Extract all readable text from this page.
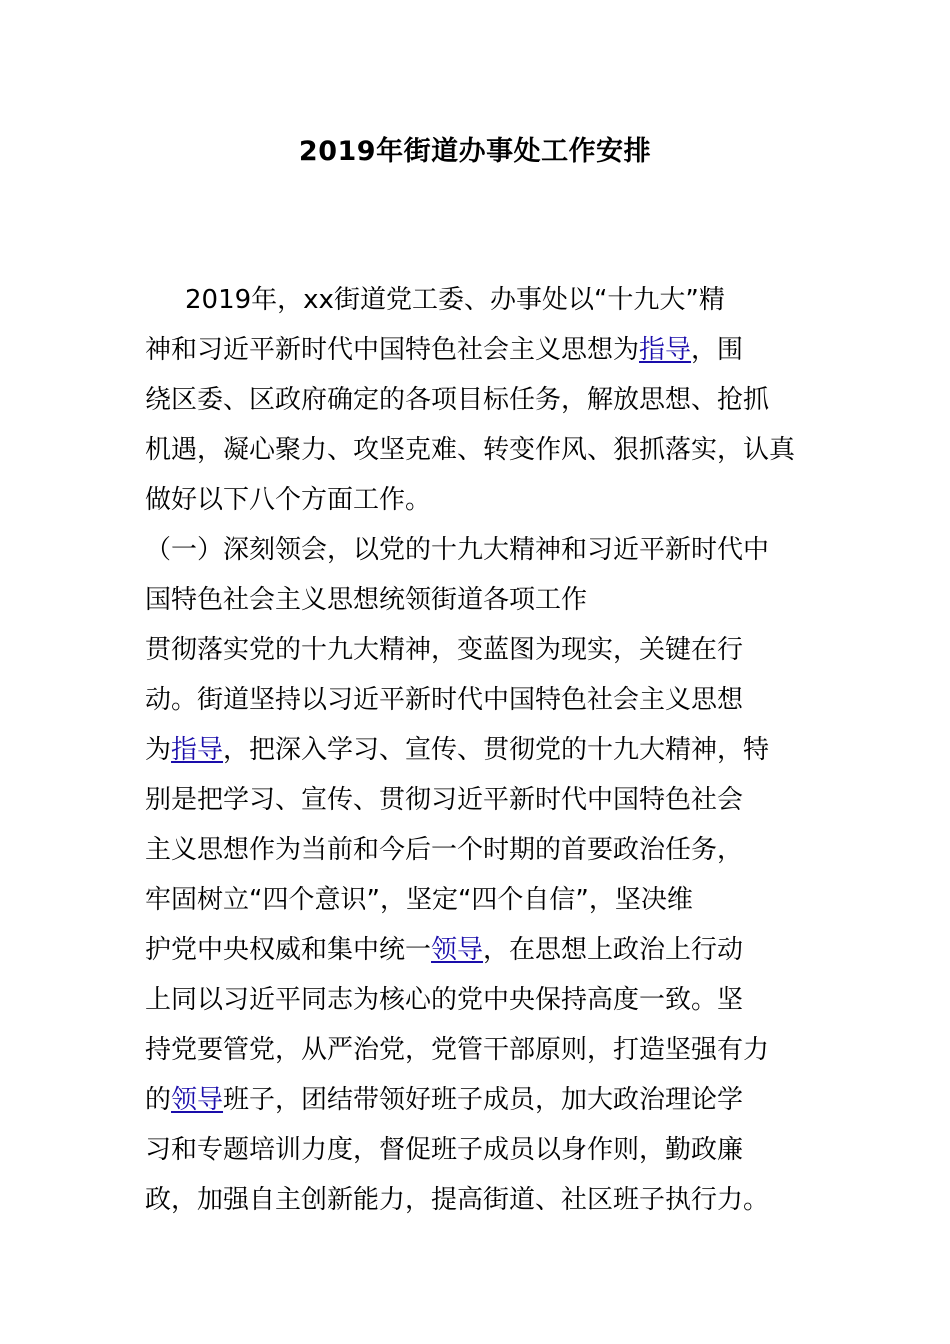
2019年街道办事处工作安排
2019年，xx街道党工委、办事处以“十九大”精
神和习近平新时代中国特色社会主义思想为指导，围
绕区委、区政府确定的各项目标任务，解放思想、抢抓
机遇，凝心聚力、攻坚克难、转变作风、狠抓落实，认真
做好以下八个方面工作。
（一）深刻领会，以党的十九大精神和习近平新时代中
国特色社会主义思想统领街道各项工作
贯彻落实党的十九大精神，变蓝图为现实，关键在行
动。街道坚持以习近平新时代中国特色社会主义思想
为指导，把深入学习、宣传、贯彻党的十九大精神，特
别是把学习、宣传、贯彻习近平新时代中国特色社会
主义思想作为当前和今后一个时期的首要政治任务，
牢固树立“四个意识”，坚定“四个自信”，坚决维
护党中央权威和集中统一领导，在思想上政治上行动
上同以习近平同志为核心的党中央保持高度一致。坚
持党要管党，从严治党，党管干部原则，打造坚强有力
的领导班子，团结带领好班子成员，加大政治理论学
习和专题培训力度，督促班子成员以身作则，勤政廉
政，加强自主创新能力，提高街道、社区班子执行力。
